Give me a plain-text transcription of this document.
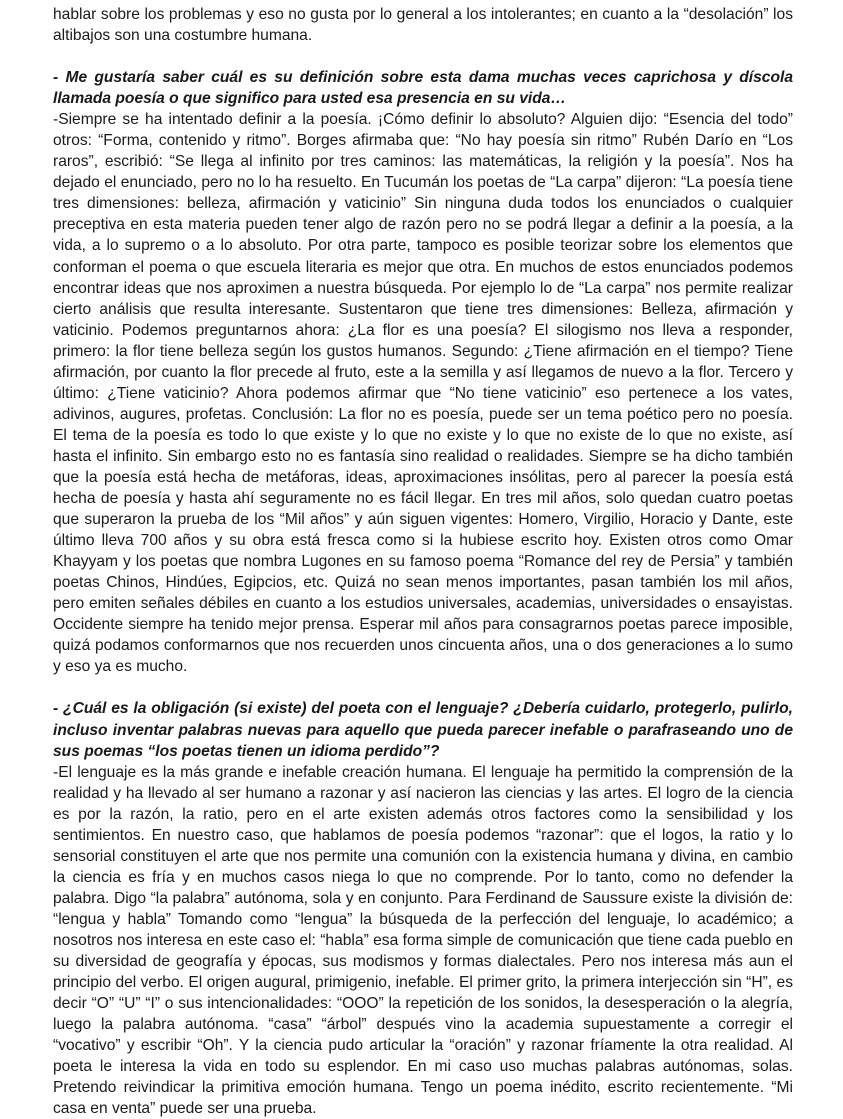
hablar sobre los problemas y eso no gusta por lo general a los intolerantes; en cuanto a la “desolación” los altibajos son una costumbre humana.

- Me gustaría saber cuál es su definición sobre esta dama muchas veces caprichosa y díscola llamada poesía o que significo para usted esa presencia en su vida…

-Siempre se ha intentado definir a la poesía. ¡Cómo definir lo absoluto? Alguien dijo: “Esencia del todo” otros: “Forma, contenido y ritmo”. Borges afirmaba que: “No hay poesía sin ritmo” Rubén Darío en “Los raros”, escribió: “Se llega al infinito por tres caminos: las matemáticas, la religión y la poesía”. Nos ha dejado el enunciado, pero no lo ha resuelto. En Tucumán los poetas de “La carpa” dijeron: “La poesía tiene tres dimensiones: belleza, afirmación y vaticinio” Sin ninguna duda todos los enunciados o cualquier preceptiva en esta materia pueden tener algo de razón pero no se podrá llegar a definir a la poesía, a la vida, a lo supremo o a lo absoluto. Por otra parte, tampoco es posible teorizar sobre los elementos que conforman el poema o que escuela literaria es mejor que otra. En muchos de estos enunciados podemos encontrar ideas que nos aproximen a nuestra búsqueda. Por ejemplo lo de “La carpa” nos permite realizar cierto análisis que resulta interesante. Sustentaron que tiene tres dimensiones: Belleza, afirmación y vaticinio. Podemos preguntarnos ahora: ¿La flor es una poesía? El silogismo nos lleva a responder, primero: la flor tiene belleza según los gustos humanos. Segundo: ¿Tiene afirmación en el tiempo? Tiene afirmación, por cuanto la flor precede al fruto, este a la semilla y así llegamos de nuevo a la flor. Tercero y último: ¿Tiene vaticinio? Ahora podemos afirmar que “No tiene vaticinio” eso pertenece a los vates, adivinos, augures, profetas. Conclusión: La flor no es poesía, puede ser un tema poético pero no poesía. El tema de la poesía es todo lo que existe y lo que no existe y lo que no existe de lo que no existe, así hasta el infinito. Sin embargo esto no es fantasía sino realidad o realidades. Siempre se ha dicho también que la poesía está hecha de metáforas, ideas, aproximaciones insólitas, pero al parecer la poesía está hecha de poesía y hasta ahí seguramente no es fácil llegar. En tres mil años, solo quedan cuatro poetas que superaron la prueba de los “Mil años” y aún siguen vigentes: Homero, Virgilio, Horacio y Dante, este último lleva 700 años y su obra está fresca como si la hubiese escrito hoy. Existen otros como Omar Khayyam y los poetas que nombra Lugones en su famoso poema “Romance del rey de Persia” y también poetas Chinos, Hindúes, Egipcios, etc. Quizá no sean menos importantes, pasan también los mil años, pero emiten señales débiles en cuanto a los estudios universales, academias, universidades o ensayistas. Occidente siempre ha tenido mejor prensa. Esperar mil años para consagrarnos poetas parece imposible, quizá podamos conformarnos que nos recuerden unos cincuenta años, una o dos generaciones a lo sumo y eso ya es mucho.

- ¿Cuál es la obligación (si existe) del poeta con el lenguaje? ¿Debería cuidarlo, protegerlo, pulirlo, incluso inventar palabras nuevas para aquello que pueda parecer inefable o parafraseando uno de sus poemas “los poetas tienen un idioma perdido”?

-El lenguaje es la más grande e inefable creación humana. El lenguaje ha permitido la comprensión de la realidad y ha llevado al ser humano a razonar y así nacieron las ciencias y las artes. El logro de la ciencia es por la razón, la ratio, pero en el arte existen además otros factores como la sensibilidad y los sentimientos. En nuestro caso, que hablamos de poesía podemos “razonar”: que el logos, la ratio y lo sensorial constituyen el arte que nos permite una comunión con la existencia humana y divina, en cambio la ciencia es fría y en muchos casos niega lo que no comprende. Por lo tanto, como no defender la palabra. Digo “la palabra” autónoma, sola y en conjunto. Para Ferdinand de Saussure existe la división de: “lengua y habla” Tomando como “lengua” la búsqueda de la perfección del lenguaje, lo académico; a nosotros nos interesa en este caso el: “habla” esa forma simple de comunicación que tiene cada pueblo en su diversidad de geografía y épocas, sus modismos y formas dialectales. Pero nos interesa más aun el principio del verbo. El origen augural, primigenio, inefable. El primer grito, la primera interjección sin “H”, es decir “O” “U” “I” o sus intencionalidades: “OOO” la repetición de los sonidos, la desesperación o la alegría, luego la palabra autónoma. “casa” “árbol” después vino la academia supuestamente a corregir el “vocativo” y escribir “Oh”. Y la ciencia pudo articular la “oración” y razonar fríamente la otra realidad. Al poeta le interesa la vida en todo su esplendor. En mi caso uso muchas palabras autónomas, solas. Pretendo reivindicar la primitiva emoción humana. Tengo un poema inédito, escrito recientemente. “Mi casa en venta” puede ser una prueba.
